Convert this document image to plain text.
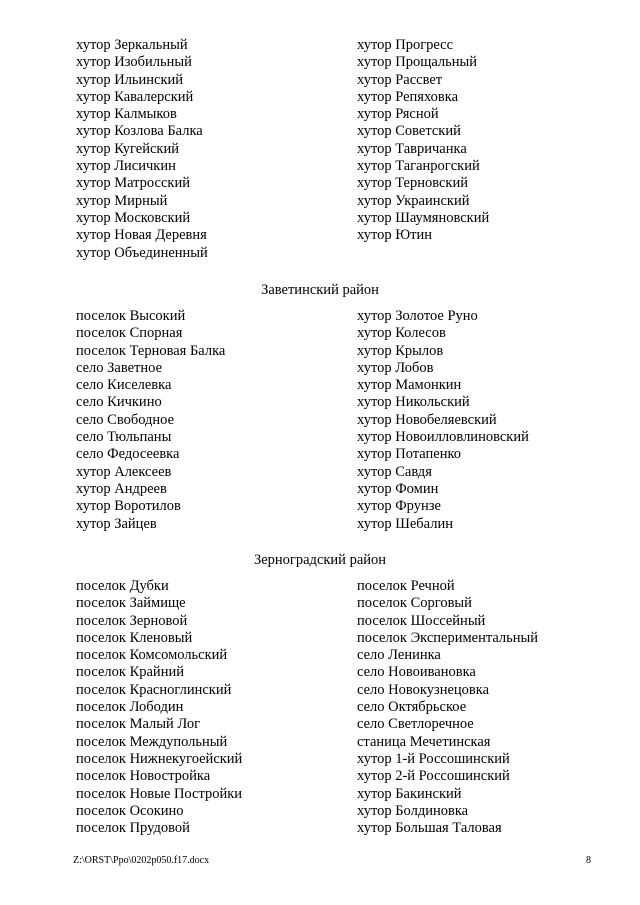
хутор Зеркальный
хутор Изобильный
хутор Ильинский
хутор Кавалерский
хутор Калмыков
хутор Козлова Балка
хутор Кугейский
хутор Лисичкин
хутор Матросский
хутор Мирный
хутор Московский
хутор Новая Деревня
хутор Объединенный
хутор Прогресс
хутор Прощальный
хутор Рассвет
хутор Репяховка
хутор Рясной
хутор Советский
хутор Тавричанка
хутор Таганрогский
хутор Терновский
хутор Украинский
хутор Шаумяновский
хутор Ютин
Заветинский район
поселок Высокий
поселок Спорная
поселок Терновая Балка
село Заветное
село Киселевка
село Кичкино
село Свободное
село Тюльпаны
село Федосеевка
хутор Алексеев
хутор Андреев
хутор Воротилов
хутор Зайцев
хутор Золотое Руно
хутор Колесов
хутор Крылов
хутор Лобов
хутор Мамонкин
хутор Никольский
хутор Новобеляевский
хутор Новоилловлиновский
хутор Потапенко
хутор Савдя
хутор Фомин
хутор Фрунзе
хутор Шебалин
Зерноградский район
поселок Дубки
поселок Займище
поселок Зерновой
поселок Кленовый
поселок Комсомольский
поселок Крайний
поселок Красноглинский
поселок Лободин
поселок Малый Лог
поселок Междупольный
поселок Нижнекугоейский
поселок Новостройка
поселок Новые Постройки
поселок Осокино
поселок Прудовой
поселок Речной
поселок Сорговый
поселок Шоссейный
поселок Экспериментальный
село Ленинка
село Новоивановка
село Новокузнецовка
село Октябрьское
село Светлоречное
станица Мечетинская
хутор 1-й Россошинский
хутор 2-й Россошинский
хутор Бакинский
хутор Болдиновка
хутор Большая Таловая
Z:\ORST\Ppo\0202p050.f17.docx	8
